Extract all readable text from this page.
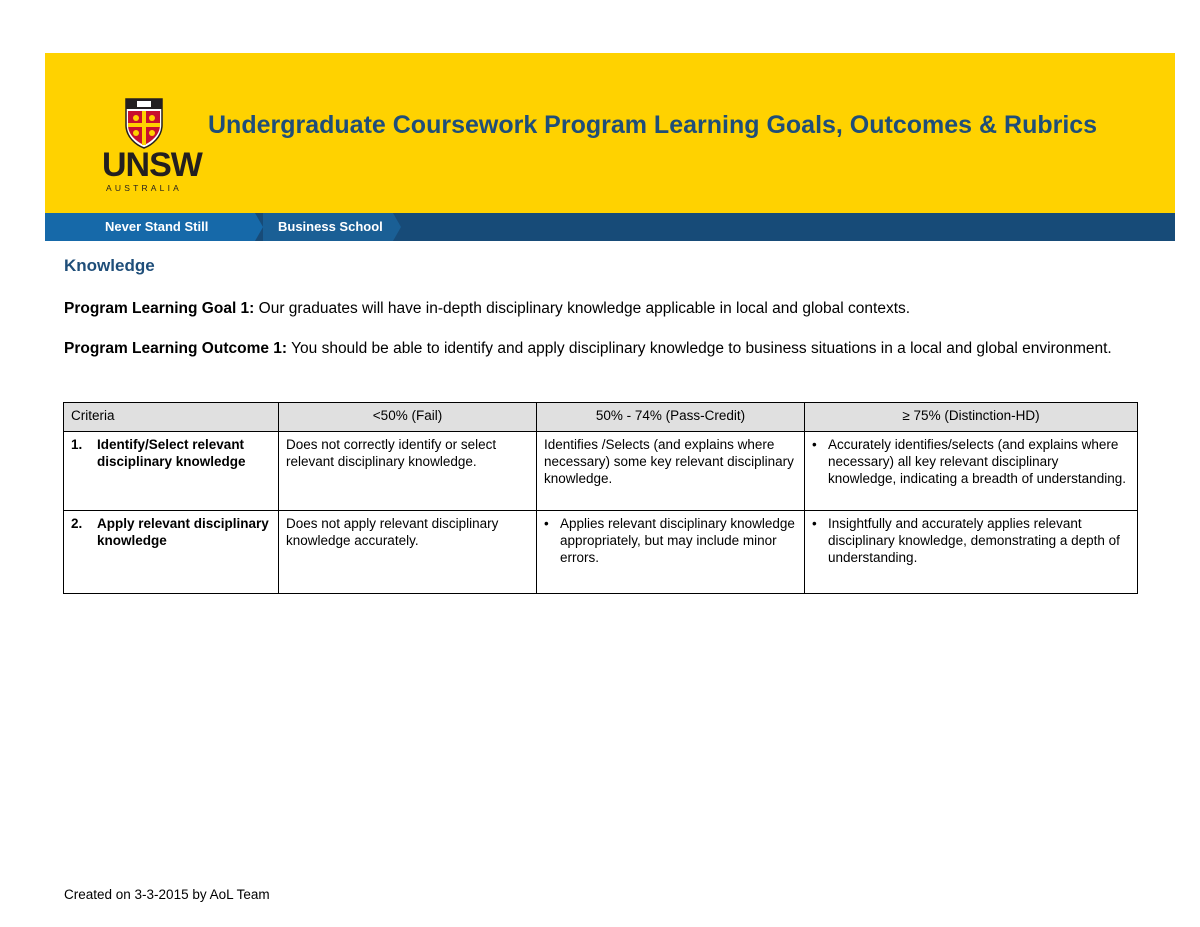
UNSW
AUSTRALIA
Undergraduate Coursework Program Learning Goals, Outcomes & Rubrics
Never Stand Still	Business School
Knowledge
Program Learning Goal 1: Our graduates will have in-depth disciplinary knowledge applicable in local and global contexts.
Program Learning Outcome 1: You should be able to identify and apply disciplinary knowledge to business situations in a local and global environment.
Criteria	<50% (Fail)	50% - 74% (Pass-Credit)	≥ 75% (Distinction-HD)

1. Identify/Select relevant disciplinary knowledge	Does not correctly identify or select relevant disciplinary knowledge.	Identifies /Selects (and explains where necessary) some key relevant disciplinary knowledge.	• Accurately identifies/selects (and explains where necessary) all key relevant disciplinary knowledge, indicating a breadth of understanding.

2. Apply relevant disciplinary knowledge	Does not apply relevant disciplinary knowledge accurately.	• Applies relevant disciplinary knowledge appropriately, but may include minor errors.	• Insightfully and accurately applies relevant disciplinary knowledge, demonstrating a depth of understanding.
Created on 3-3-2015 by AoL Team
